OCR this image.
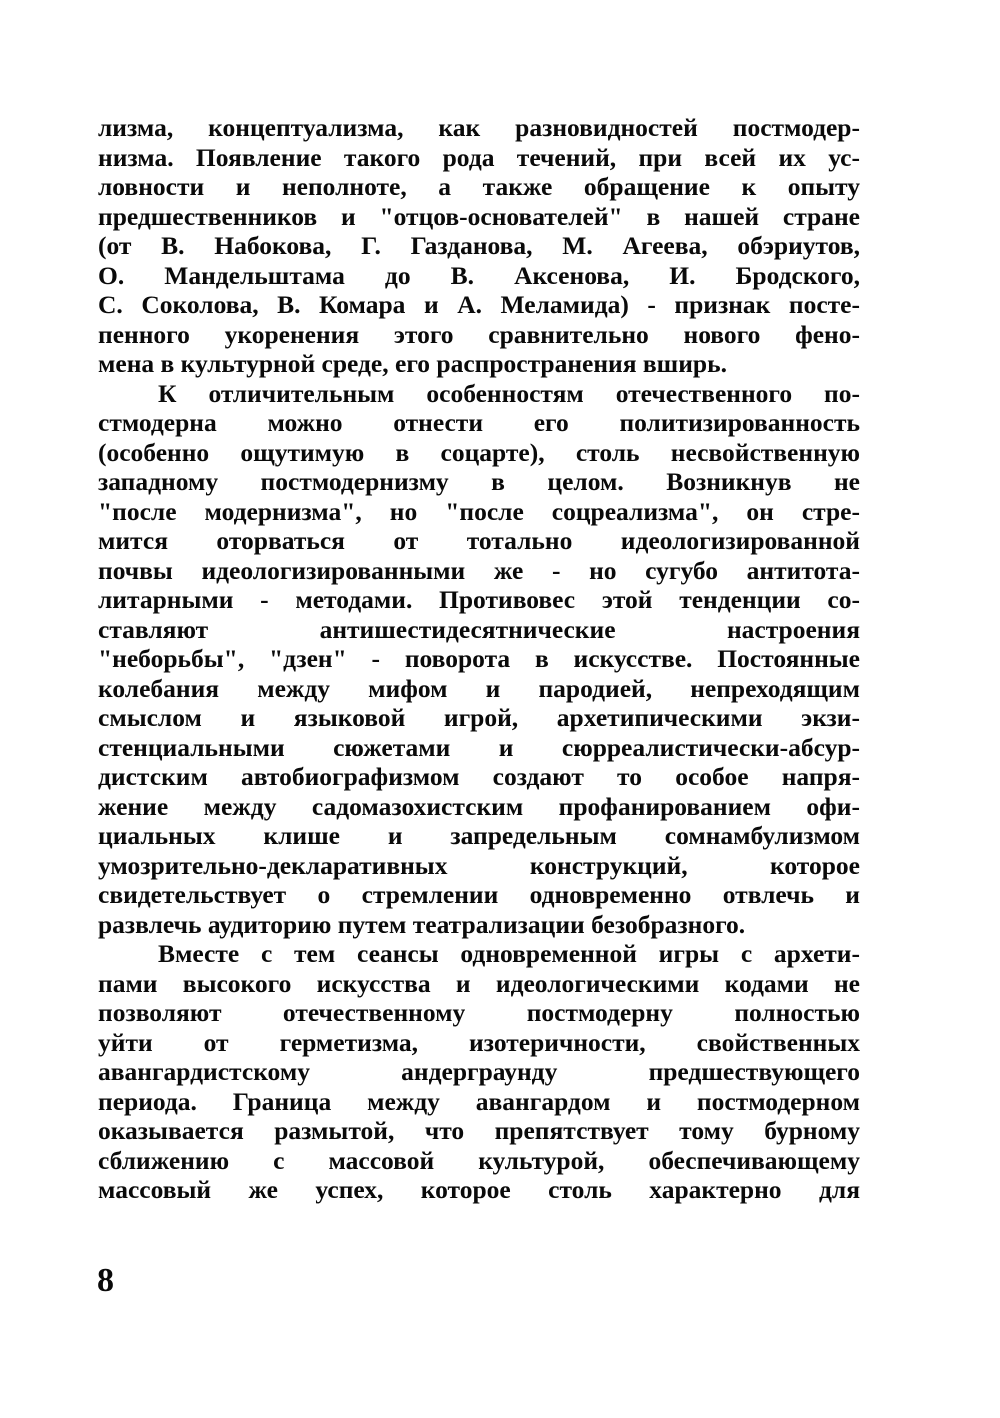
лизма, концептуализма, как разновидностей постмодер-
низма. Появление такого рода течений, при всей их ус-
ловности и неполноте, а также обращение к опыту
предшественников и "отцов-основателей" в нашей стране
(от В. Набокова, Г. Газданова, М. Агеева, обэриутов,
О. Мандельштама до В. Аксенова, И. Бродского,
С. Соколова, В. Комара и А. Меламида) - признак посте-
пенного укоренения этого сравнительно нового фено-
мена в культурной среде, его распространения вширь.
К отличительным особенностям отечественного по-
стмодерна можно отнести его политизированность
(особенно ощутимую в соцарте), столь несвойственную
западному постмодернизму в целом. Возникнув не
"после модернизма", но "после соцреализма", он стре-
мится оторваться от тотально идеологизированной
почвы идеологизированными же - но сугубо антитота-
литарными - методами. Противовес этой тенденции со-
ставляют антишестидесятнические настроения
"неборьбы", "дзен" - поворота в искусстве. Постоянные
колебания между мифом и пародией, непреходящим
смыслом и языковой игрой, архетипическими экзи-
стенциальными сюжетами и сюрреалистически-абсур-
дистским автобиографизмом создают то особое напря-
жение между садомазохистским профанированием офи-
циальных клише и запредельным сомнамбулизмом
умозрительно-декларативных конструкций, которое
свидетельствует о стремлении одновременно отвлечь и
развлечь аудиторию путем театрализации безобразного.
Вместе с тем сеансы одновременной игры с архети-
пами высокого искусства и идеологическими кодами не
позволяют отечественному постмодерну полностью
уйти от герметизма, изотеричности, свойственных
авангардистскому андерграунду предшествующего
периода. Граница между авангардом и постмодерном
оказывается размытой, что препятствует тому бурному
сближению с массовой культурой, обеспечивающему
массовый же успех, которое столь характерно для
8
